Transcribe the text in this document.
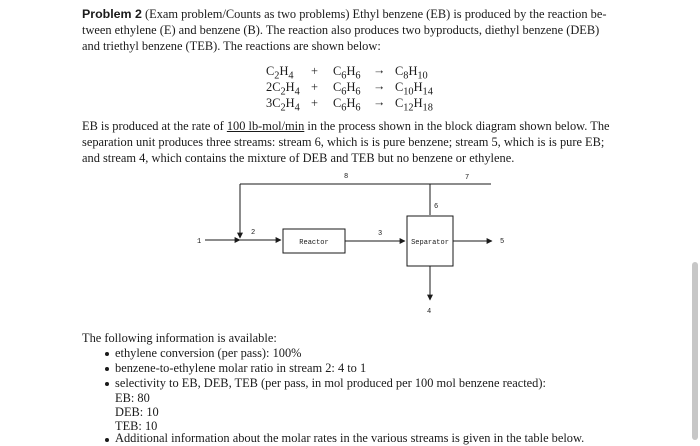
Problem 2 (Exam problem/Counts as two problems) Ethyl benzene (EB) is produced by the reaction be-
tween ethylene (E) and benzene (B). The reaction also produces two byproducts, diethyl benzene (DEB)
and triethyl benzene (TEB). The reactions are shown below:

$C_2H_4 + C_6H_6 \to C_8H_{10}$
$2C_2H_4 + C_6H_6 \to C_{10}H_{14}$
$3C_2H_4 + C_6H_6 \to C_{12}H_{18}$

EB is produced at the rate of 100 lb-mol/min in the process shown in the block diagram shown below. The
separation unit produces three streams: stream 6, which is is pure benzene; stream 5, which is is pure EB;
and stream 4, which contains the mixture of DEB and TEB but no benzene or ethylene.

1
2	3
4
5
6
7
8
Reactor	Separator
The following information is available:
ethylene conversion (per pass): 100%
benzene-to-ethylene molar ratio in stream 2: 4 to 1
selectivity to EB, DEB, TEB (per pass, in mol produced per 100 mol benzene reacted):
EB: 80
DEB: 10
TEB: 10
Additional information about the molar rates in the various streams is given in the table below.
